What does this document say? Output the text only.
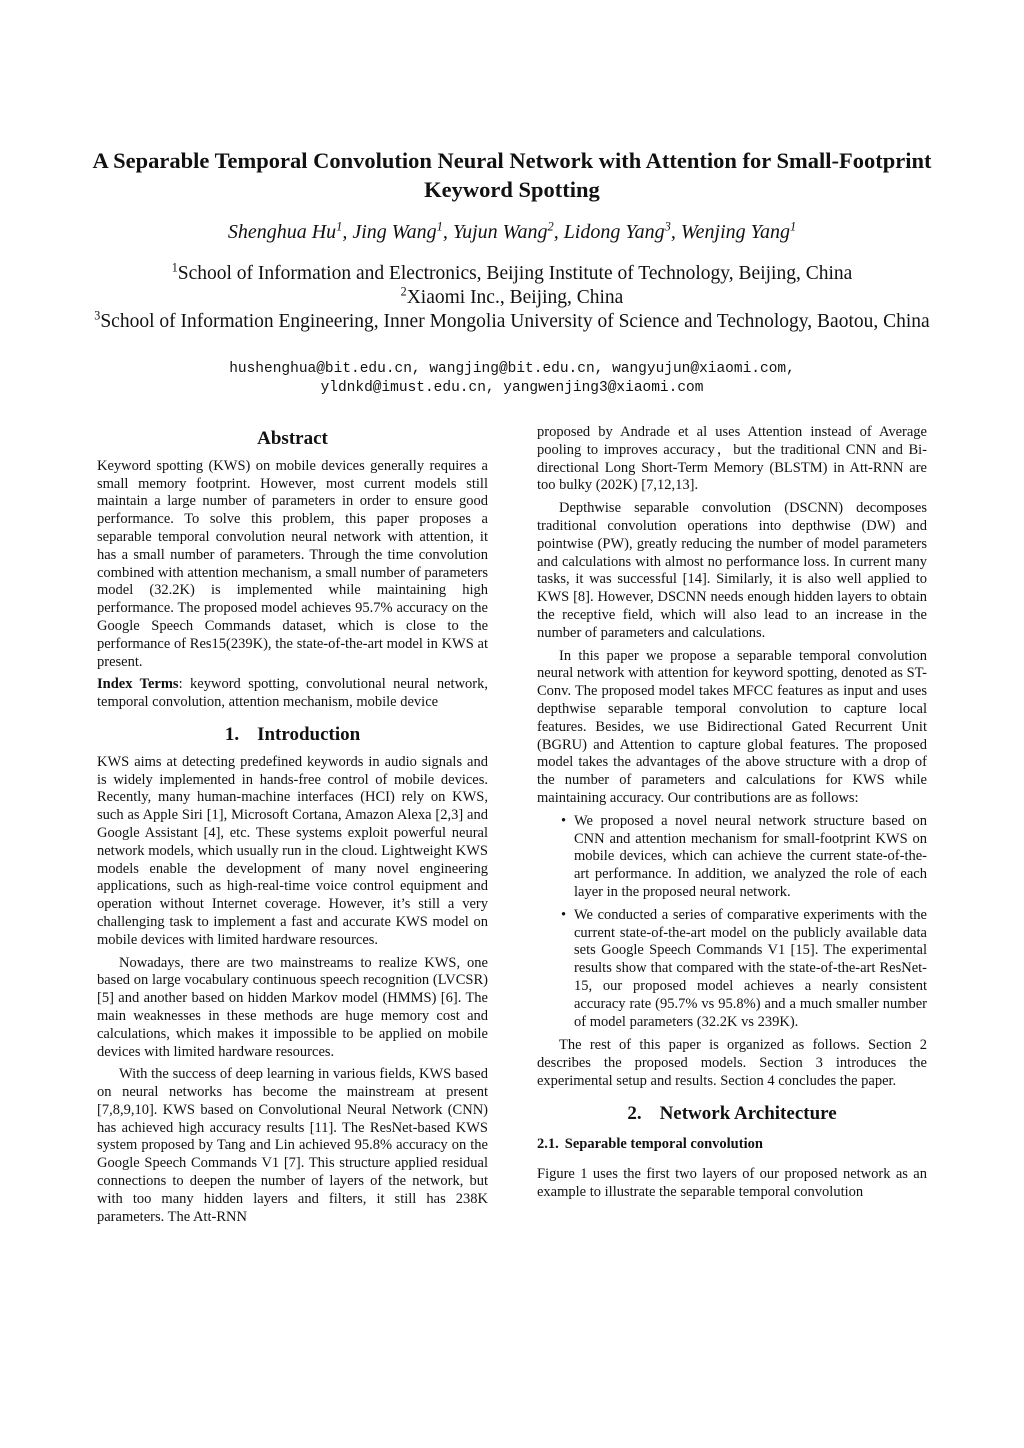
A Separable Temporal Convolution Neural Network with Attention for Small-Footprint Keyword Spotting
Shenghua Hu$^1$, Jing Wang$^1$, Yujun Wang$^2$, Lidong Yang$^3$, Wenjing Yang$^1$

$^1$School of Information and Electronics, Beijing Institute of Technology, Beijing, China

$^2$Xiaomi Inc., Beijing, China

$^3$School of Information Engineering, Inner Mongolia University of Science and Technology, Baotou, China

hushenghua@bit.edu.cn, wangjing@bit.edu.cn, wangyujun@xiaomi.com,

yldnkd@imust.edu.cn, yangwenjing3@xiaomi.com

Abstract

Keyword spotting (KWS) on mobile devices generally requires a small memory footprint. However, most current models still maintain a large number of parameters in order to ensure good performance. To solve this problem, this paper proposes a separable temporal convolution neural network with attention, it has a small number of parameters. Through the time convolution combined with attention mechanism, a small number of parameters model (32.2K) is implemented while maintaining high performance. The proposed model achieves 95.7% accuracy on the Google Speech Commands dataset, which is close to the performance of Res15(239K), the state-of-the-art model in KWS at present.

Index Terms: keyword spotting, convolutional neural network, temporal convolution, attention mechanism, mobile device

1. Introduction

KWS aims at detecting predefined keywords in audio signals and is widely implemented in hands-free control of mobile devices. Recently, many human-machine interfaces (HCI) rely on KWS, such as Apple Siri [1], Microsoft Cortana, Amazon Alexa [2,3] and Google Assistant [4], etc. These systems exploit powerful neural network models, which usually run in the cloud. Lightweight KWS models enable the development of many novel engineering applications, such as high-real-time voice control equipment and operation without Internet coverage. However, it’s still a very challenging task to implement a fast and accurate KWS model on mobile devices with limited hardware resources.

Nowadays, there are two mainstreams to realize KWS, one based on large vocabulary continuous speech recognition (LVCSR) [5] and another based on hidden Markov model (HMMS) [6]. The main weaknesses in these methods are huge memory cost and calculations, which makes it impossible to be applied on mobile devices with limited hardware resources.

With the success of deep learning in various fields, KWS based on neural networks has become the mainstream at present [7,8,9,10]. KWS based on Convolutional Neural Network (CNN) has achieved high accuracy results [11]. The ResNet-based KWS system proposed by Tang and Lin achieved 95.8% accuracy on the Google Speech Commands V1 [7]. This structure applied residual connections to deepen the number of layers of the network, but with too many hidden layers and filters, it still has 238K parameters. The Att-RNN

proposed by Andrade et al uses Attention instead of Average pooling to improves accuracy，but the traditional CNN and Bi-directional Long Short-Term Memory (BLSTM) in Att-RNN are too bulky (202K) [7,12,13].

Depthwise separable convolution (DSCNN) decomposes traditional convolution operations into depthwise (DW) and pointwise (PW), greatly reducing the number of model parameters and calculations with almost no performance loss. In current many tasks, it was successful [14]. Similarly, it is also well applied to KWS [8]. However, DSCNN needs enough hidden layers to obtain the receptive field, which will also lead to an increase in the number of parameters and calculations.

In this paper we propose a separable temporal convolution neural network with attention for keyword spotting, denoted as ST-Conv. The proposed model takes MFCC features as input and uses depthwise separable temporal convolution to capture local features. Besides, we use Bidirectional Gated Recurrent Unit (BGRU) and Attention to capture global features. The proposed model takes the advantages of the above structure with a drop of the number of parameters and calculations for KWS while maintaining accuracy. Our contributions are as follows:

• We proposed a novel neural network structure based on CNN and attention mechanism for small-footprint KWS on mobile devices, which can achieve the current state-of-the-art performance. In addition, we analyzed the role of each layer in the proposed neural network.
• We conducted a series of comparative experiments with the current state-of-the-art model on the publicly available data sets Google Speech Commands V1 [15]. The experimental results show that compared with the state-of-the-art ResNet-15, our proposed model achieves a nearly consistent accuracy rate (95.7% vs 95.8%) and a much smaller number of model parameters (32.2K vs 239K).

The rest of this paper is organized as follows. Section 2 describes the proposed models. Section 3 introduces the experimental setup and results. Section 4 concludes the paper.

2. Network Architecture
2.1. Separable temporal convolution

Figure 1 uses the first two layers of our proposed network as an example to illustrate the separable temporal convolution
